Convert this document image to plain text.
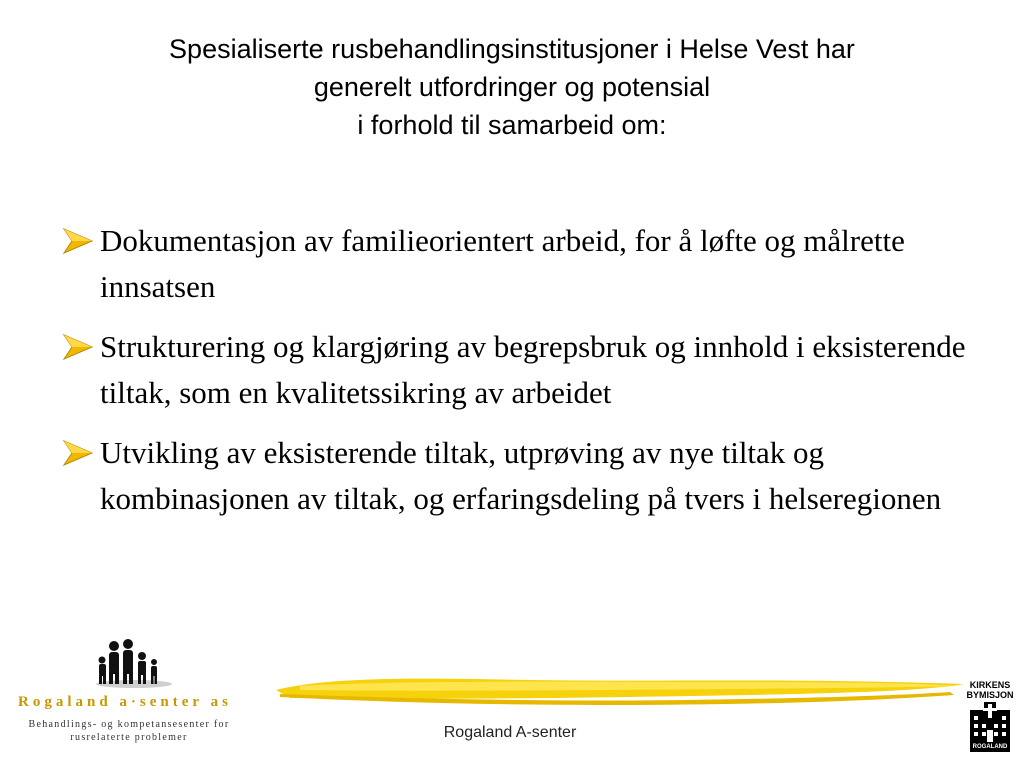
Spesialiserte rusbehandlingsinstitusjoner i Helse Vest har
generelt utfordringer og potensial
i forhold til samarbeid om:
Dokumentasjon av familieorientert arbeid, for å løfte og målrette innsatsen
Strukturering og klargjøring av begrepsbruk og innhold i eksisterende tiltak, som en kvalitetssikring av arbeidet
Utvikling av eksisterende tiltak, utprøving av nye tiltak og kombinasjonen av tiltak, og erfaringsdeling på tvers i helseregionen
Rogaland a·senter as
Behandlings- og kompetansesenter for rusrelaterte problemer	Rogaland A-senter
KIRKENS
BYMISJON
ROGALAND
